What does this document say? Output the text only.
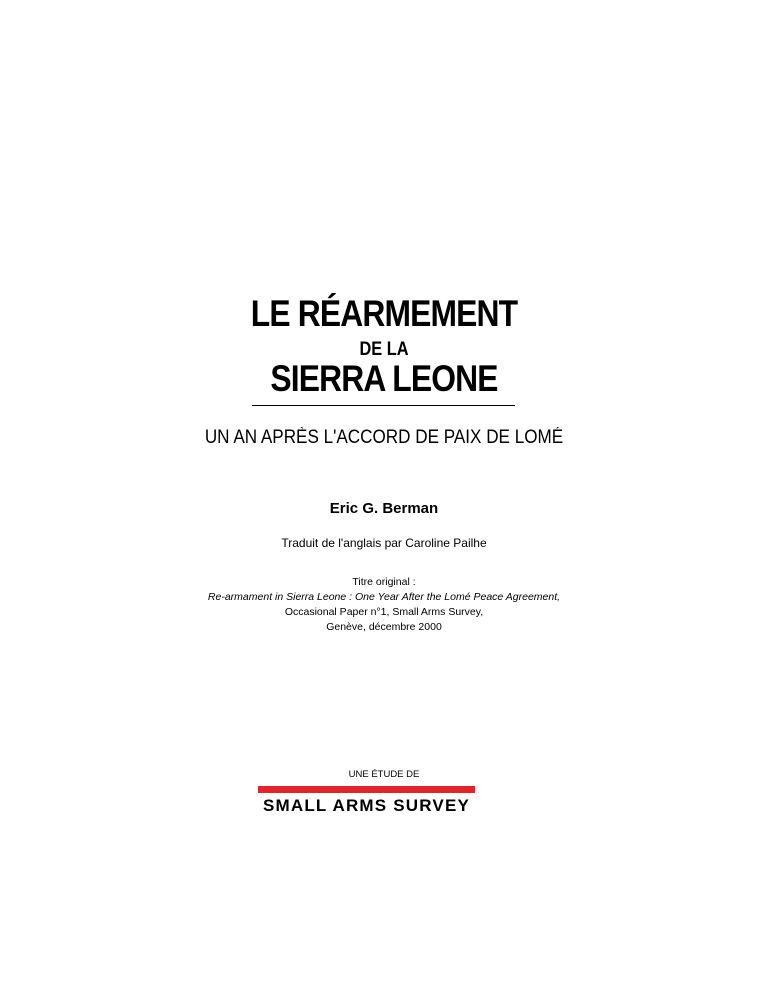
LE RÉARMEMENT
DE LA
SIERRA LEONE
UN AN APRÈS L'ACCORD DE PAIX DE LOMÉ
Eric G. Berman
Traduit de l'anglais par Caroline Pailhe
Titre original :
Re-armament in Sierra Leone : One Year After the Lomé Peace Agreement,
Occasional Paper n°1, Small Arms Survey,
Genève, décembre 2000
UNE ÉTUDE DE
SMALL ARMS SURVEY
